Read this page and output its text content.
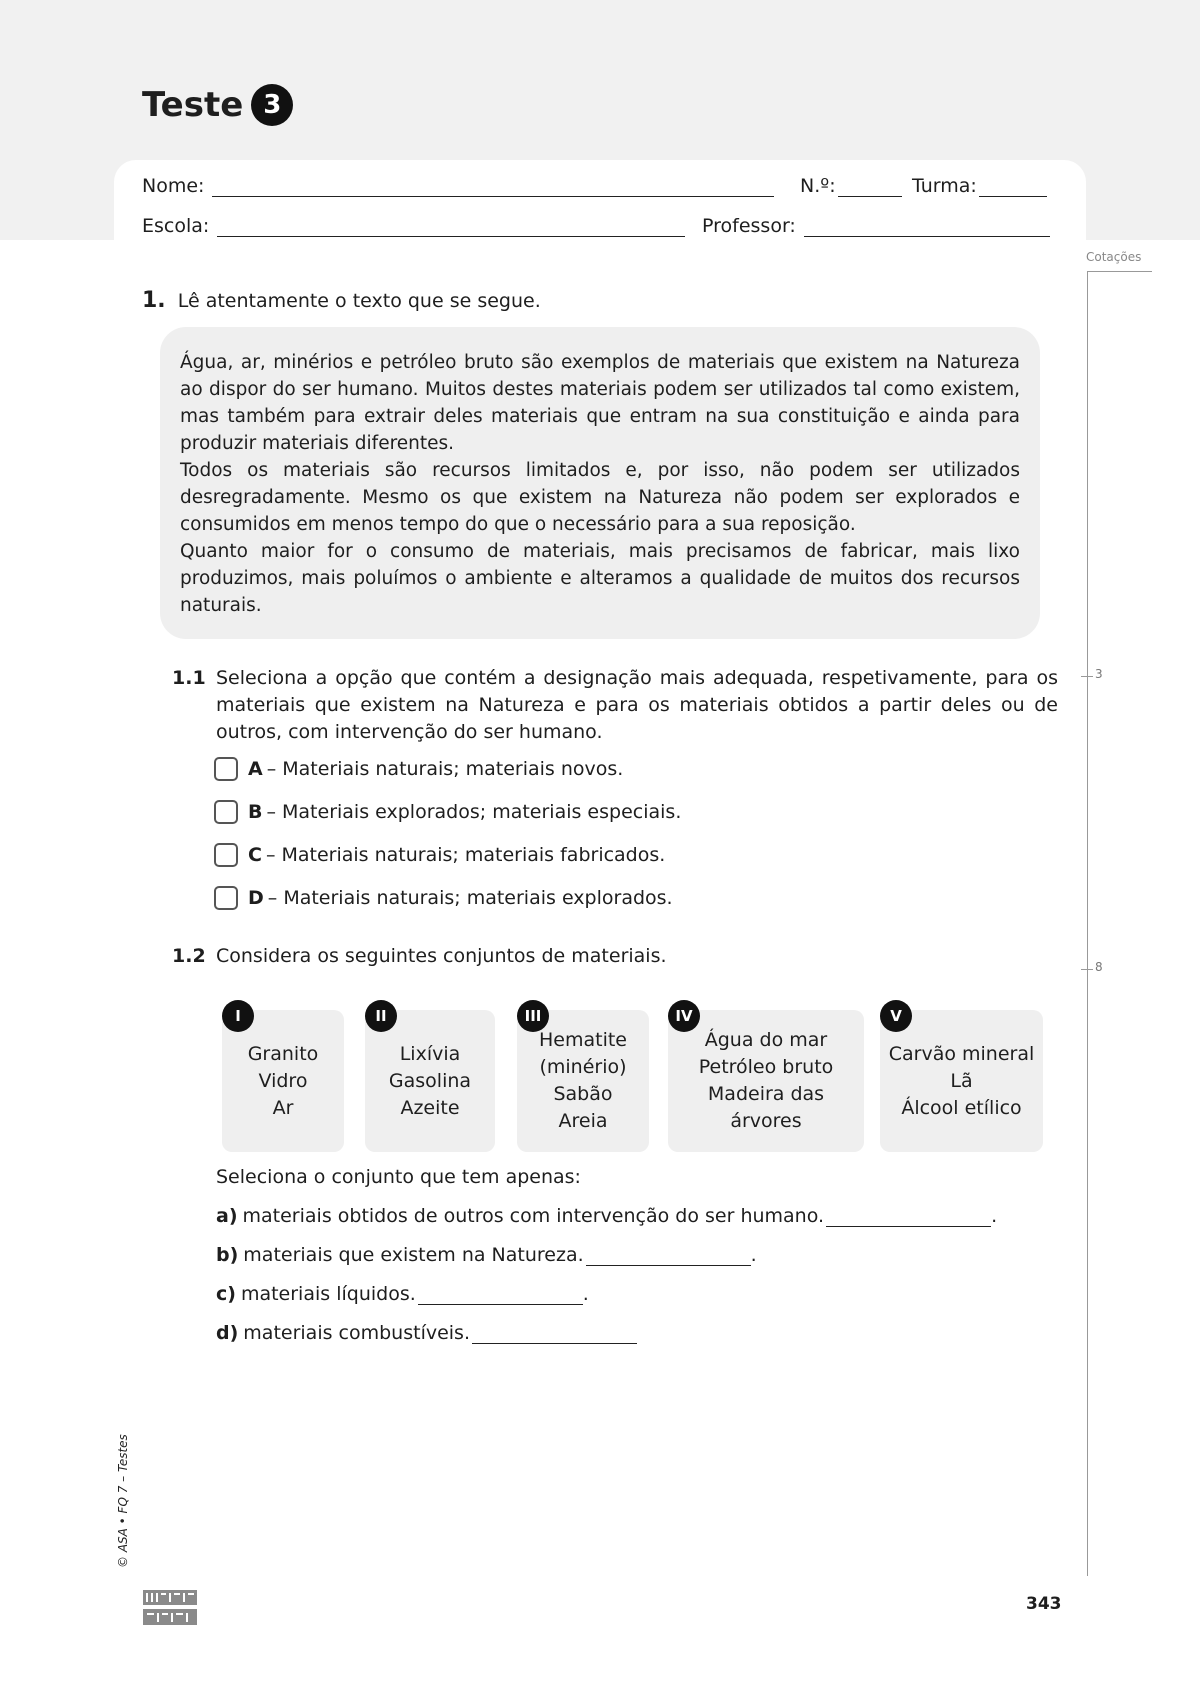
Teste 3
Nome:	N.º:	Turma:
Escola:	Professor:
Cotações
3
8
1. Lê atentamente o texto que se segue.

Água, ar, minérios e petróleo bruto são exemplos de materiais que existem na Natureza ao dispor do ser humano. Muitos destes materiais podem ser utilizados tal como existem, mas também para extrair deles materiais que entram na sua constituição e ainda para produzir materiais diferentes.

Todos os materiais são recursos limitados e, por isso, não podem ser utilizados desregradamente. Mesmo os que existem na Natureza não podem ser explorados e consumidos em menos tempo do que o necessário para a sua reposição.

Quanto maior for o consumo de materiais, mais precisamos de fabricar, mais lixo produzimos, mais poluímos o ambiente e alteramos a qualidade de muitos dos recursos naturais.

1.1 Seleciona a opção que contém a designação mais adequada, respetivamente, para os materiais que existem na Natureza e para os materiais obtidos a partir deles ou de outros, com intervenção do ser humano.
A – Materiais naturais; materiais novos.
B – Materiais explorados; materiais especiais.
C – Materiais naturais; materiais fabricados.
D – Materiais naturais; materiais explorados.
1.2 Considera os seguintes conjuntos de materiais.
I
Granito
Vidro
Ar
II
Lixívia
Gasolina
Azeite
III
Hematite
(minério)
Sabão
Areia
IV
Água do mar
Petróleo bruto
Madeira das
árvores
V
Carvão mineral
Lã
Álcool etílico
Seleciona o conjunto que tem apenas:
a) materiais obtidos de outros com intervenção do ser humano.	.
b) materiais que existem na Natureza.	.
c) materiais líquidos.	.
d) materiais combustíveis.
© ASA • FQ 7 – Testes
343
